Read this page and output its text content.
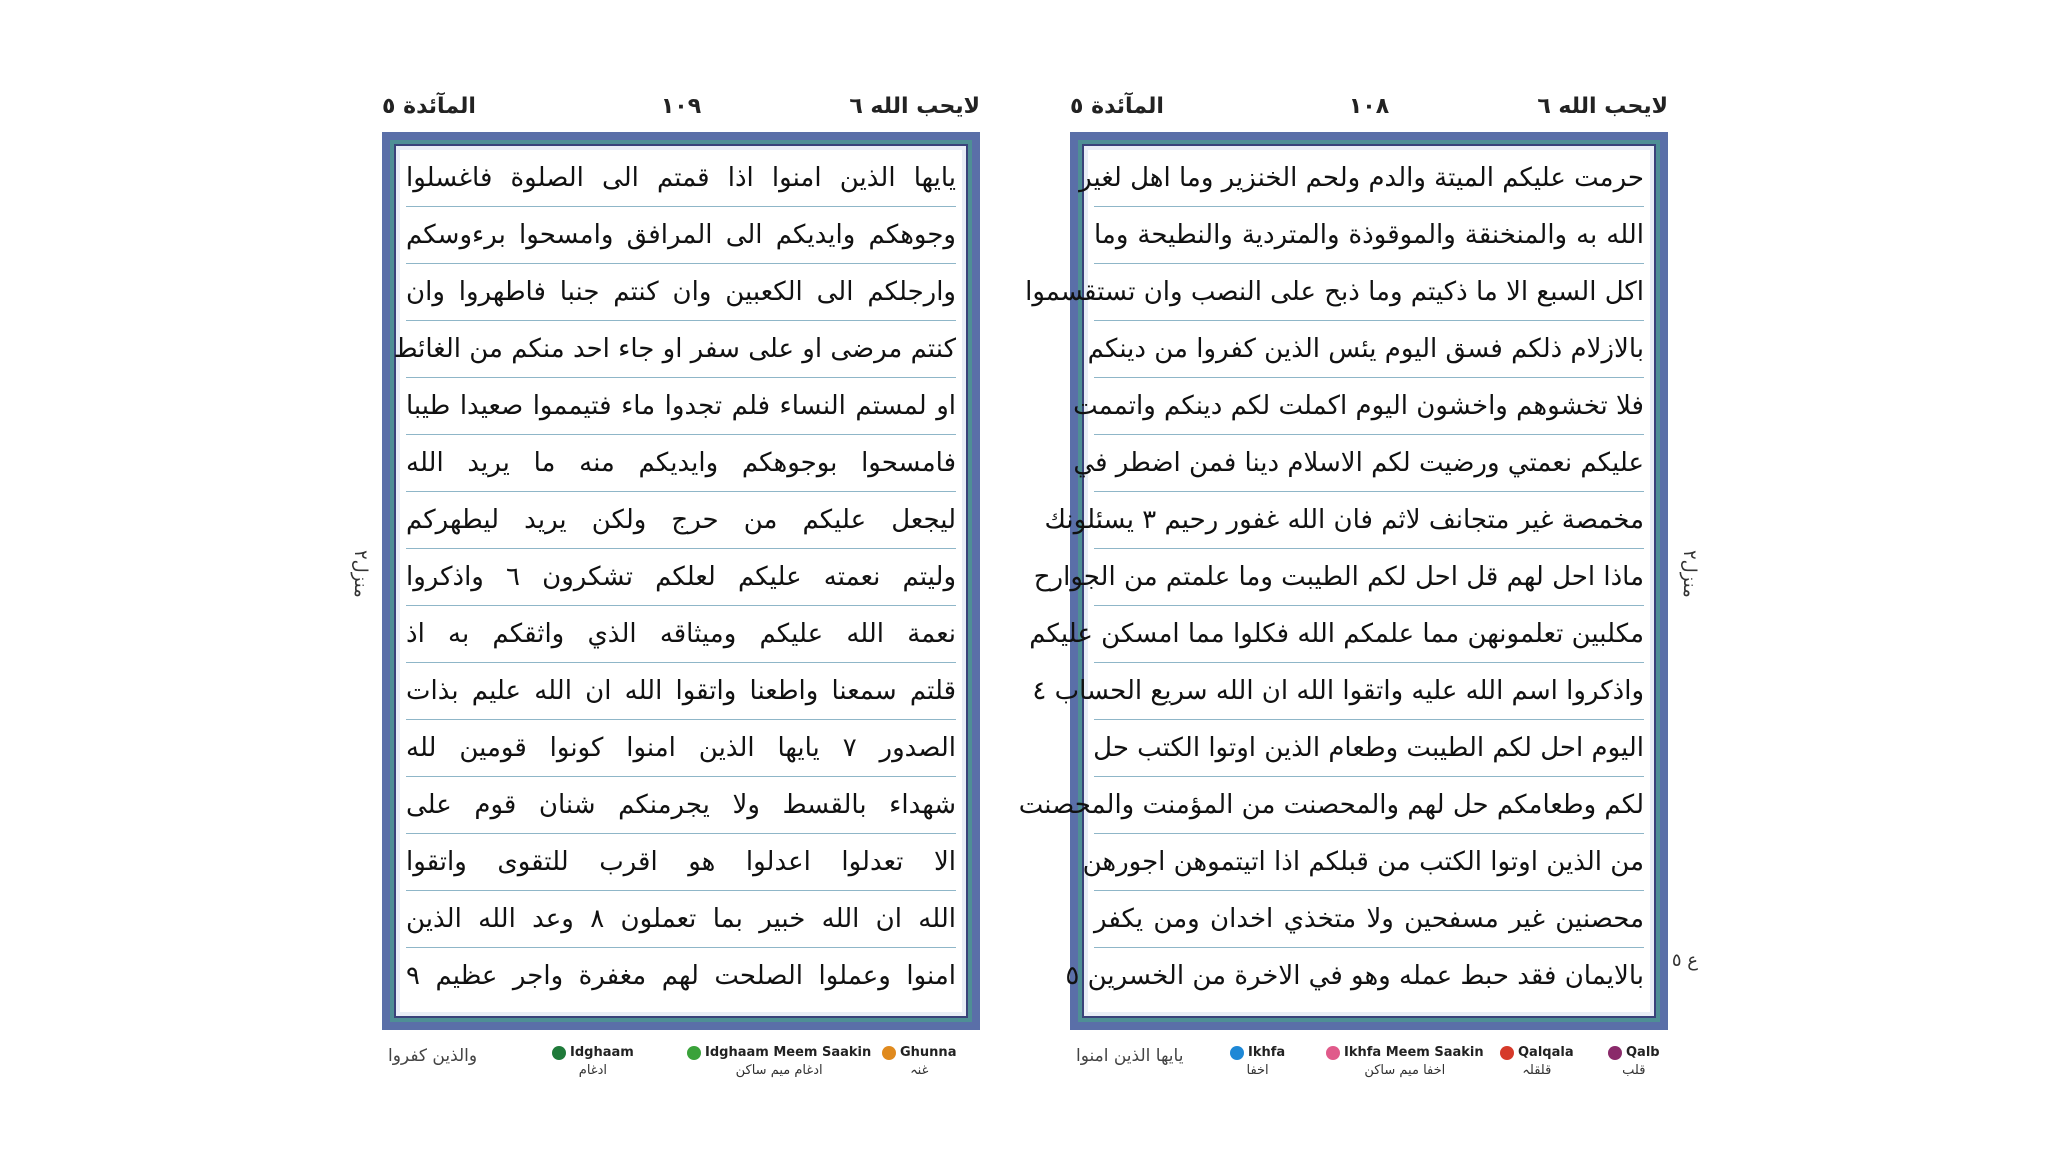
المآئدة ٥	١٠٩	لايحب الله ٦
منزل٢
يايها الذين امنوا اذا قمتم الى الصلوة فاغسلوا
وجوهكم وايديكم الى المرافق وامسحوا برءوسكم
وارجلكم الى الكعبين وان كنتم جنبا فاطهروا وان
كنتم مرضى او على سفر او جاء احد منكم من الغائط
او لمستم النساء فلم تجدوا ماء فتيمموا صعيدا طيبا
فامسحوا بوجوهكم وايديكم منه ما يريد الله
ليجعل عليكم من حرج ولكن يريد ليطهركم
وليتم نعمته عليكم لعلكم تشكرون ٦ واذكروا
نعمة الله عليكم وميثاقه الذي واثقكم به اذ
قلتم سمعنا واطعنا واتقوا الله ان الله عليم بذات
الصدور ٧ يايها الذين امنوا كونوا قومين لله
شهداء بالقسط ولا يجرمنكم شنان قوم على
الا تعدلوا اعدلوا هو اقرب للتقوى واتقوا
الله ان الله خبير بما تعملون ٨ وعد الله الذين
امنوا وعملوا الصلحت لهم مغفرة واجر عظيم ٩
والذين كفروا	Idghaam
ادغام
Idghaam Meem Saakin
ادغام میم ساکن
Ghunna
غنہ
المآئدة ٥	١٠٨	لايحب الله ٦
منزل٢
ع ٥
حرمت عليكم الميتة والدم ولحم الخنزير وما اهل لغير
الله به والمنخنقة والموقوذة والمتردية والنطيحة وما
اكل السبع الا ما ذكيتم وما ذبح على النصب وان تستقسموا
بالازلام ذلكم فسق اليوم يئس الذين كفروا من دينكم
فلا تخشوهم واخشون اليوم اكملت لكم دينكم واتممت
عليكم نعمتي ورضيت لكم الاسلام دينا فمن اضطر في
مخمصة غير متجانف لاثم فان الله غفور رحيم ٣ يسئلونك
ماذا احل لهم قل احل لكم الطيبت وما علمتم من الجوارح
مكلبين تعلمونهن مما علمكم الله فكلوا مما امسكن عليكم
واذكروا اسم الله عليه واتقوا الله ان الله سريع الحساب ٤
اليوم احل لكم الطيبت وطعام الذين اوتوا الكتب حل
لكم وطعامكم حل لهم والمحصنت من المؤمنت والمحصنت
من الذين اوتوا الكتب من قبلكم اذا اتيتموهن اجورهن
محصنين غير مسفحين ولا متخذي اخدان ومن يكفر
بالايمان فقد حبط عمله وهو في الاخرة من الخسرين ٥
يايها الذين امنوا	Ikhfa
اخفا
Ikhfa Meem Saakin
اخفا میم ساکن
Qalqala
قلقلہ
Qalb
قلب
